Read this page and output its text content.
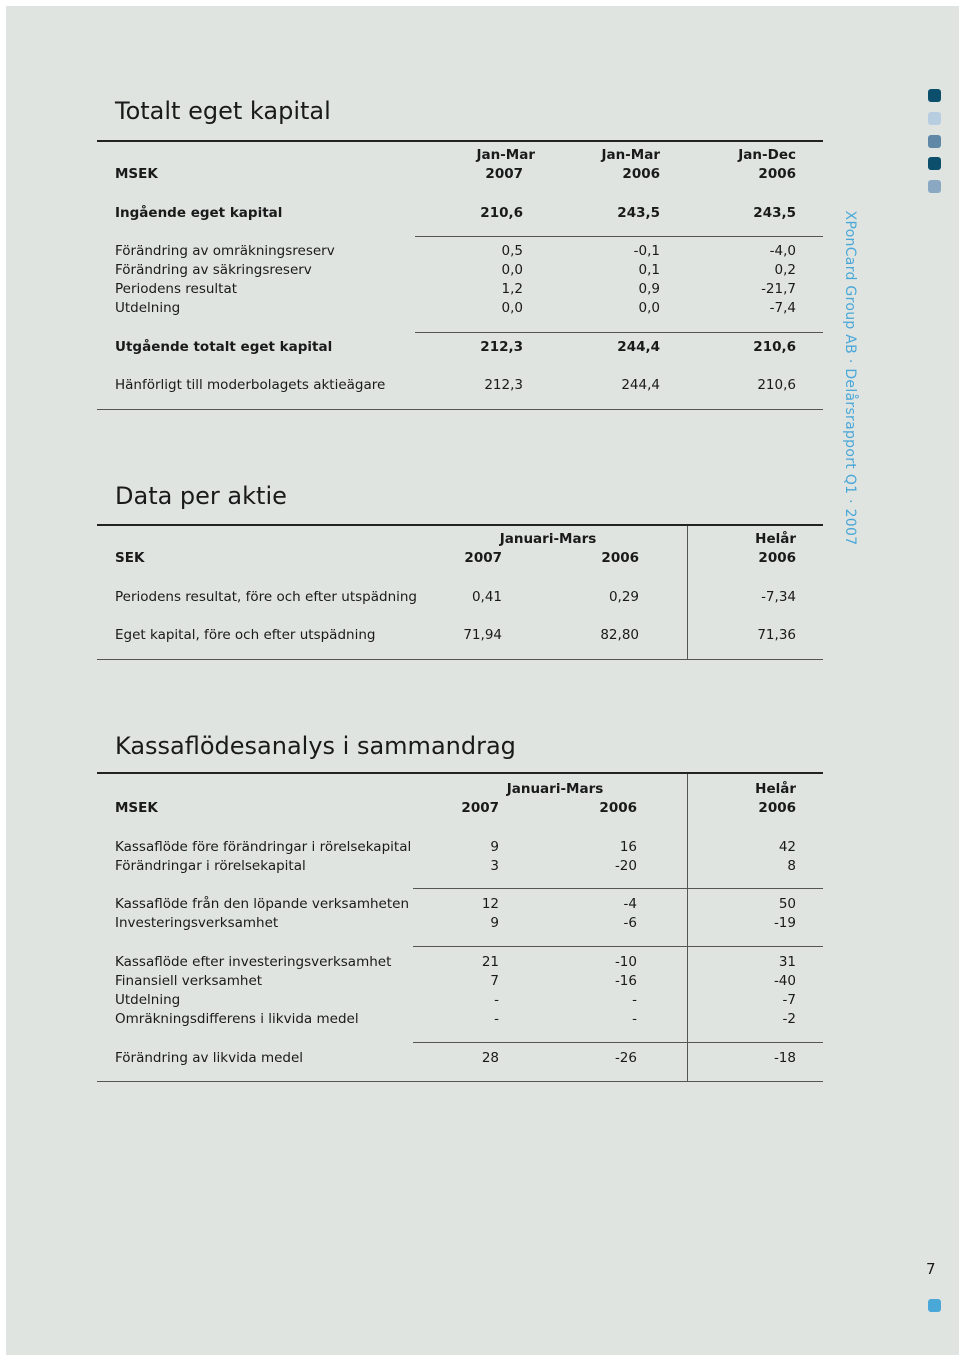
XPonCard Group AB · Delårsrapport Q1 · 2007
Totalt eget kapital
Jan-Mar	Jan-Mar	Jan-Dec
MSEK	2007	2006	2006
Ingående eget kapital	210,6	243,5	243,5
Förändring av omräkningsreserv	0,5	-0,1	-4,0
Förändring av säkringsreserv	0,0	0,1	0,2
Periodens resultat	1,2	0,9	-21,7
Utdelning	0,0	0,0	-7,4
Utgående totalt eget kapital	212,3	244,4	210,6
Hänförligt till moderbolagets aktieägare	212,3	244,4	210,6
Data per aktie
Januari-Mars	Helår
SEK	2007	2006	2006
Periodens resultat, före och efter utspädning	0,41	0,29	-7,34
Eget kapital, före och efter utspädning	71,94	82,80	71,36
Kassaflödesanalys i sammandrag
Januari-Mars	Helår
MSEK	2007	2006	2006
Kassaflöde före förändringar i rörelsekapital	9	16	42
Förändringar i rörelsekapital	3	-20	8
Kassaflöde från den löpande verksamheten	12	-4	50
Investeringsverksamhet	9	-6	-19
Kassaflöde efter investeringsverksamhet	21	-10	31
Finansiell verksamhet	7	-16	-40
Utdelning	-	-	-7
Omräkningsdifferens i likvida medel	-	-	-2
Förändring av likvida medel	28	-26	-18
7
